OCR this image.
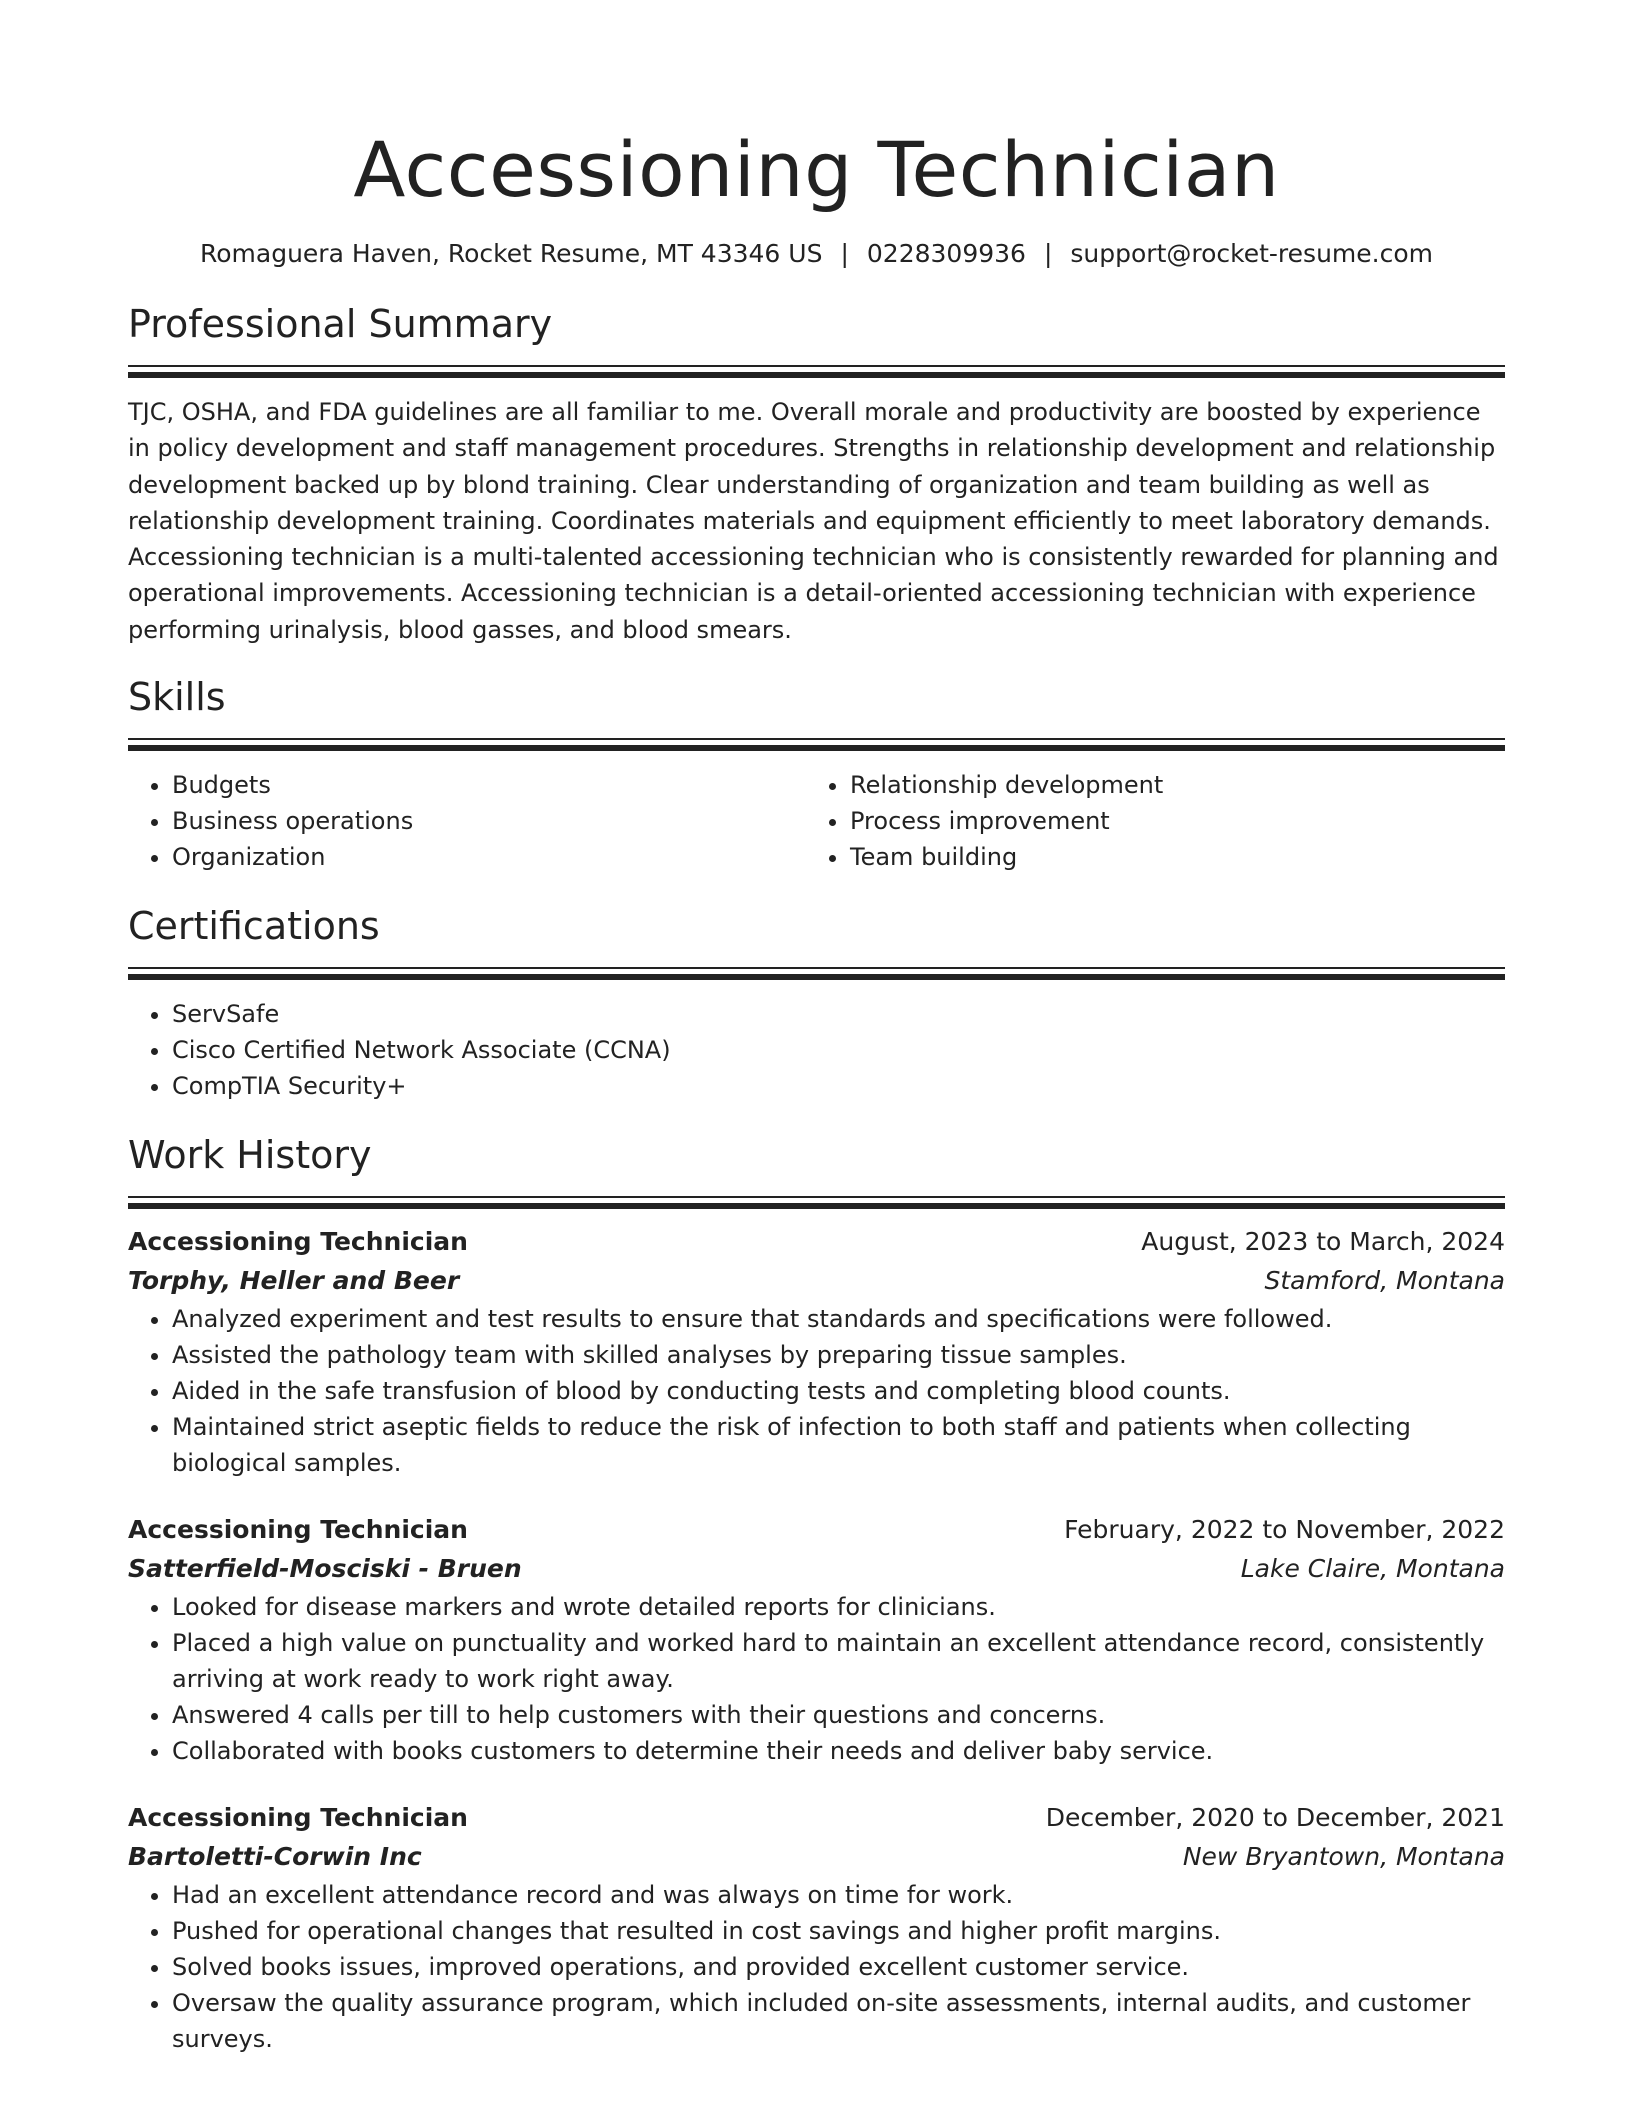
Accessioning Technician
Romaguera Haven, Rocket Resume, MT 43346 US | 0228309936 | support@rocket-resume.com
Professional Summary
TJC, OSHA, and FDA guidelines are all familiar to me. Overall morale and productivity are boosted by experience in policy development and staff management procedures. Strengths in relationship development and relationship development backed up by blond training. Clear understanding of organization and team building as well as relationship development training. Coordinates materials and equipment efficiently to meet laboratory demands. Accessioning technician is a multi-talented accessioning technician who is consistently rewarded for planning and operational improvements. Accessioning technician is a detail-oriented accessioning technician with experience performing urinalysis, blood gasses, and blood smears.
Skills
• Budgets
• Business operations
• Organization
• Relationship development
• Process improvement
• Team building
Certifications
• ServSafe
• Cisco Certified Network Associate (CCNA)
• CompTIA Security+
Work History
Accessioning Technician	August, 2023 to March, 2024
Torphy, Heller and Beer	Stamford, Montana
• Analyzed experiment and test results to ensure that standards and specifications were followed.
• Assisted the pathology team with skilled analyses by preparing tissue samples.
• Aided in the safe transfusion of blood by conducting tests and completing blood counts.
• Maintained strict aseptic fields to reduce the risk of infection to both staff and patients when collecting biological samples.
Accessioning Technician	February, 2022 to November, 2022
Satterfield-Mosciski - Bruen	Lake Claire, Montana
• Looked for disease markers and wrote detailed reports for clinicians.
• Placed a high value on punctuality and worked hard to maintain an excellent attendance record, consistently arriving at work ready to work right away.
• Answered 4 calls per till to help customers with their questions and concerns.
• Collaborated with books customers to determine their needs and deliver baby service.
Accessioning Technician	December, 2020 to December, 2021
Bartoletti-Corwin Inc	New Bryantown, Montana
• Had an excellent attendance record and was always on time for work.
• Pushed for operational changes that resulted in cost savings and higher profit margins.
• Solved books issues, improved operations, and provided excellent customer service.
• Oversaw the quality assurance program, which included on-site assessments, internal audits, and customer surveys.
